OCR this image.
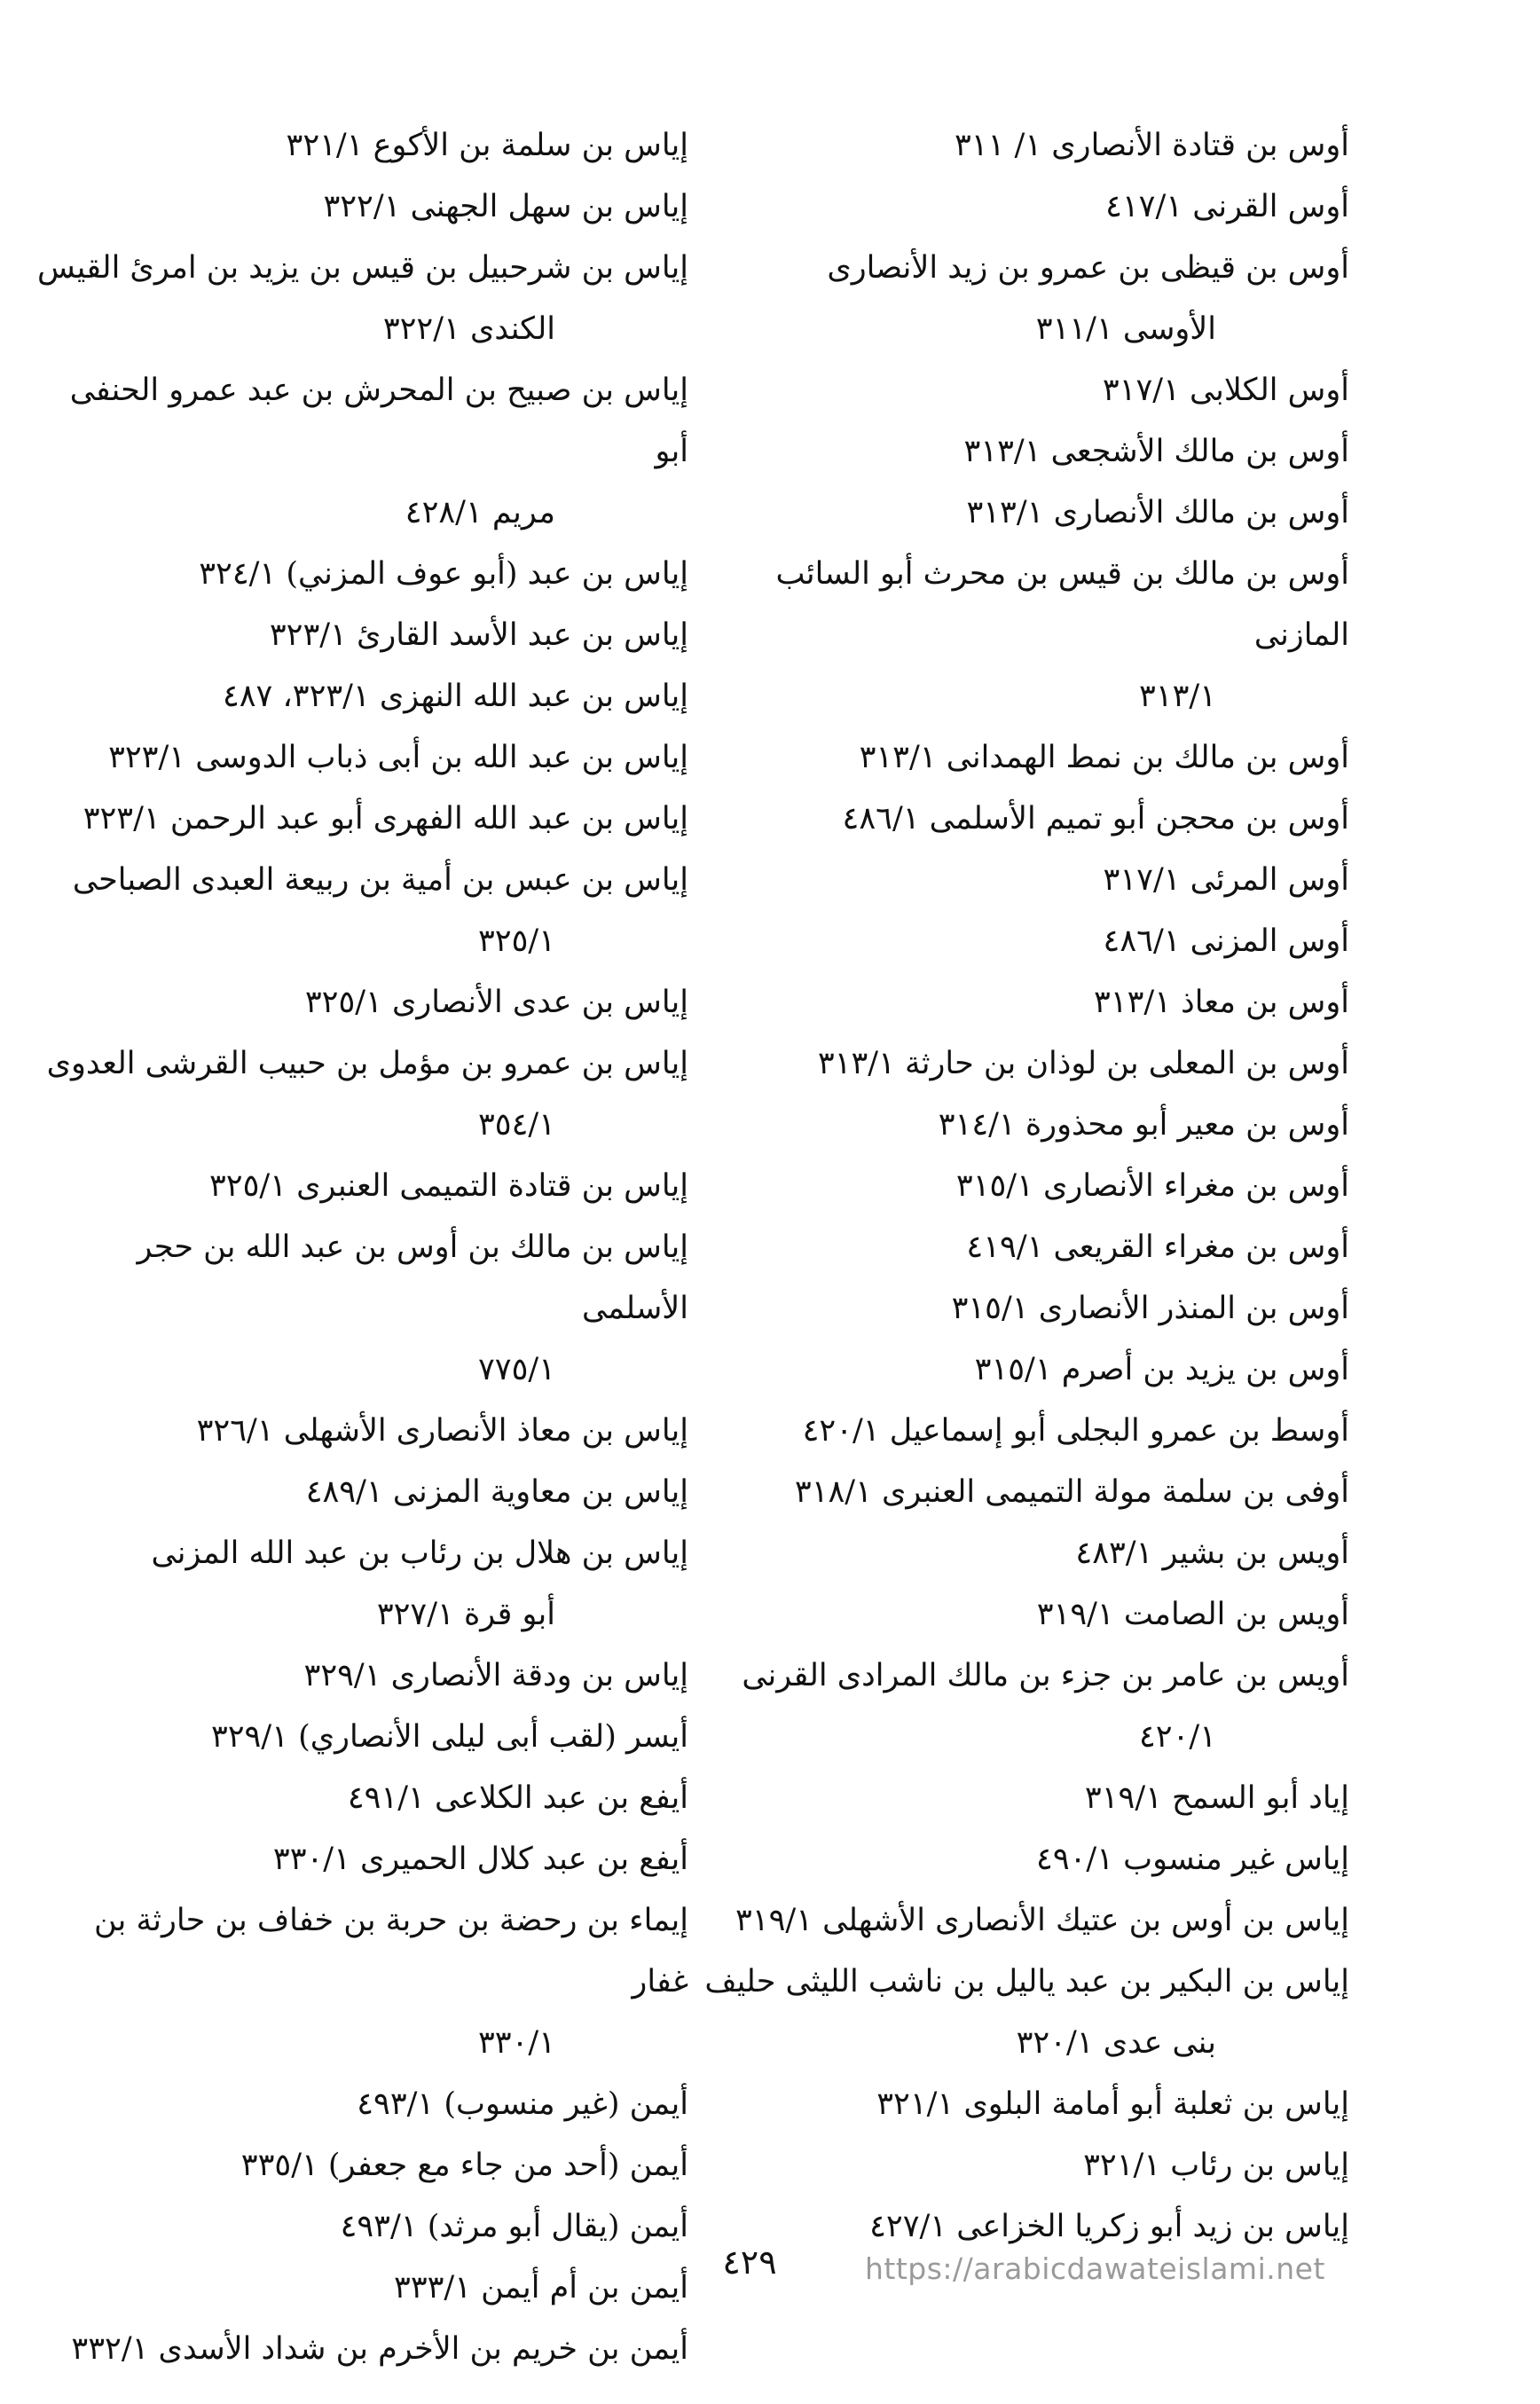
أوس بن قتادة الأنصارى ١/ ٣١١
أوس القرنى ٤١٧/١
أوس بن قيظى بن عمرو بن زيد الأنصارى
الأوسى ٣١١/١
أوس الكلابى ٣١٧/١
أوس بن مالك الأشجعى ٣١٣/١
أوس بن مالك الأنصارى ٣١٣/١
أوس بن مالك بن قيس بن محرث أبو السائب المازنى
٣١٣/١
أوس بن مالك بن نمط الهمدانى ٣١٣/١
أوس بن محجن أبو تميم الأسلمى ٤٨٦/١
أوس المرئى ٣١٧/١
أوس المزنى ٤٨٦/١
أوس بن معاذ ٣١٣/١
أوس بن المعلى بن لوذان بن حارثة ٣١٣/١
أوس بن معير أبو محذورة ٣١٤/١
أوس بن مغراء الأنصارى ٣١٥/١
أوس بن مغراء القريعى ٤١٩/١
أوس بن المنذر الأنصارى ٣١٥/١
أوس بن يزيد بن أصرم ٣١٥/١
أوسط بن عمرو البجلى أبو إسماعيل ٤٢٠/١
أوفى بن سلمة مولة التميمى العنبرى ٣١٨/١
أويس بن بشير ٤٨٣/١
أويس بن الصامت ٣١٩/١
أويس بن عامر بن جزء بن مالك المرادى القرنى
٤٢٠/١
إياد أبو السمح ٣١٩/١
إياس غير منسوب ٤٩٠/١
إياس بن أوس بن عتيك الأنصارى الأشهلى ٣١٩/١
إياس بن البكير بن عبد ياليل بن ناشب الليثى حليف
بنى عدى ٣٢٠/١
إياس بن ثعلبة أبو أمامة البلوى ٣٢١/١
إياس بن رئاب ٣٢١/١
إياس بن زيد أبو زكريا الخزاعى ٤٢٧/١
إياس بن سلمة بن الأكوع ٣٢١/١
إياس بن سهل الجهنى ٣٢٢/١
إياس بن شرحبيل بن قيس بن يزيد بن امرئ القيس
الكندى ٣٢٢/١
إياس بن صبيح بن المحرش بن عبد عمرو الحنفى أبو
مريم ٤٢٨/١
إياس بن عبد (أبو عوف المزني) ٣٢٤/١
إياس بن عبد الأسد القارئ ٣٢٣/١
إياس بن عبد الله النهزى ٣٢٣/١، ٤٨٧
إياس بن عبد الله بن أبى ذباب الدوسى ٣٢٣/١
إياس بن عبد الله الفهرى أبو عبد الرحمن ٣٢٣/١
إياس بن عبس بن أمية بن ربيعة العبدى الصباحى
٣٢٥/١
إياس بن عدى الأنصارى ٣٢٥/١
إياس بن عمرو بن مؤمل بن حبيب القرشى العدوى
٣٥٤/١
إياس بن قتادة التميمى العنبرى ٣٢٥/١
إياس بن مالك بن أوس بن عبد الله بن حجر الأسلمى
٧٧٥/١
إياس بن معاذ الأنصارى الأشهلى ٣٢٦/١
إياس بن معاوية المزنى ٤٨٩/١
إياس بن هلال بن رئاب بن عبد الله المزنى
أبو قرة ٣٢٧/١
إياس بن ودقة الأنصارى ٣٢٩/١
أيسر (لقب أبى ليلى الأنصاري) ٣٢٩/١
أيفع بن عبد الكلاعى ٤٩١/١
أيفع بن عبد كلال الحميرى ٣٣٠/١
إيماء بن رحضة بن حربة بن خفاف بن حارثة بن غفار
٣٣٠/١
أيمن (غير منسوب) ٤٩٣/١
أيمن (أحد من جاء مع جعفر) ٣٣٥/١
أيمن (يقال أبو مرثد) ٤٩٣/١
أيمن بن أم أيمن ٣٣٣/١
أيمن بن خريم بن الأخرم بن شداد الأسدى ٣٣٢/١
٤٢٩	https://arabicdawateislami.net
